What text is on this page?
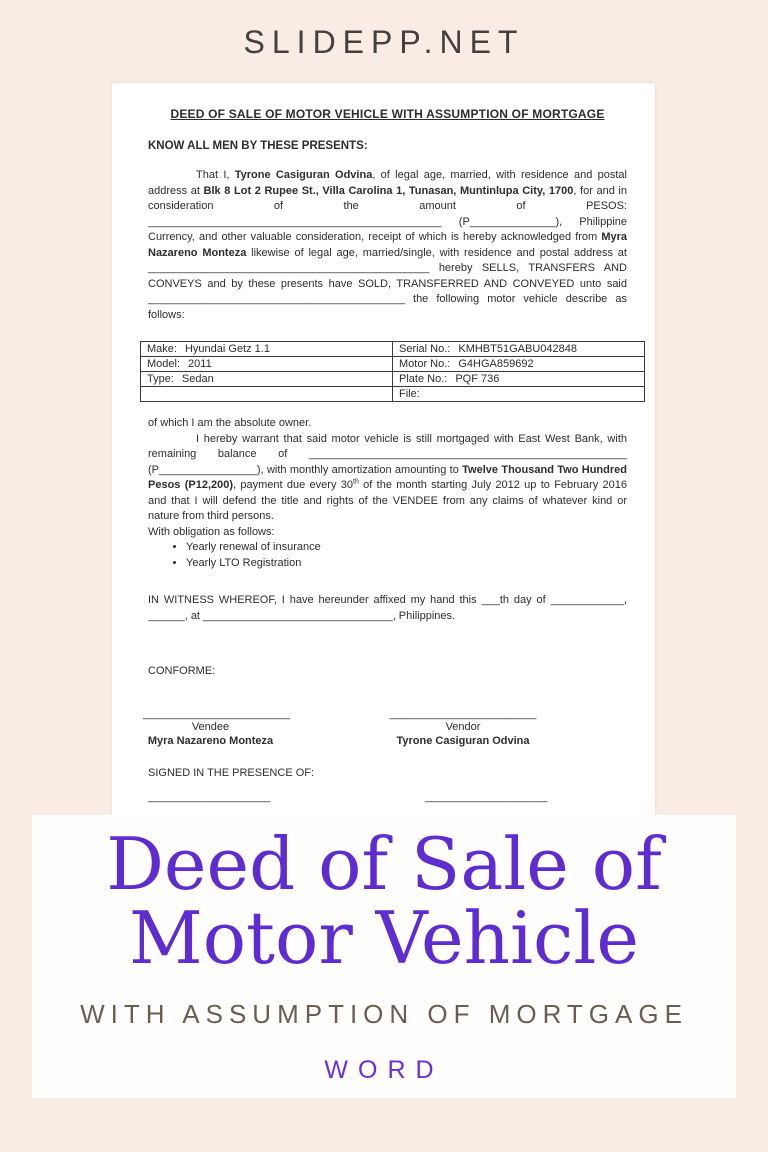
SLIDEPP.NET
DEED OF SALE OF MOTOR VEHICLE WITH ASSUMPTION OF MORTGAGE
KNOW ALL MEN BY THESE PRESENTS:

That I, Tyrone Casiguran Odvina, of legal age, married, with residence and postal address at Blk 8 Lot 2 Rupee St., Villa Carolina 1, Tunasan, Muntinlupa City, 1700, for and in consideration of the amount of PESOS: ________________________________________________ (P______________), Philippine Currency, and other valuable consideration, receipt of which is hereby acknowledged from Myra Nazareno Monteza likewise of legal age, married/single, with residence and postal address at ______________________________________________ hereby SELLS, TRANSFERS AND CONVEYS and by these presents have SOLD, TRANSFERRED AND CONVEYED unto said __________________________________________ the following motor vehicle describe as follows:

Make: Hyundai Getz 1.1	Serial No.: KMHBT51GABU042848
Model: 2011	Motor No.: G4HGA859692
Type: Sedan	Plate No.: PQF 736
	File:

of which I am the absolute owner.

I hereby warrant that said motor vehicle is still mortgaged with East West Bank, with remaining balance of ____________________________________________________ (P________________), with monthly amortization amounting to Twelve Thousand Two Hundred Pesos (P12,200), payment due every 30th of the month starting July 2012 up to February 2016 and that I will defend the title and rights of the VENDEE from any claims of whatever kind or nature from third persons.

With obligation as follows:

• Yearly renewal of insurance
• Yearly LTO Registration

IN WITNESS WHEREOF, I have hereunder affixed my hand this ___th day of ____________, ______, at _______________________________, Philippines.

CONFORME:

________________________
Vendee
Myra Nazareno Monteza
________________________
Vendor
Tyrone Casiguran Odvina

SIGNED IN THE PRESENCE OF:

____________________	____________________
Deed of Sale of
Motor Vehicle
WITH ASSUMPTION OF MORTGAGE
WORD
